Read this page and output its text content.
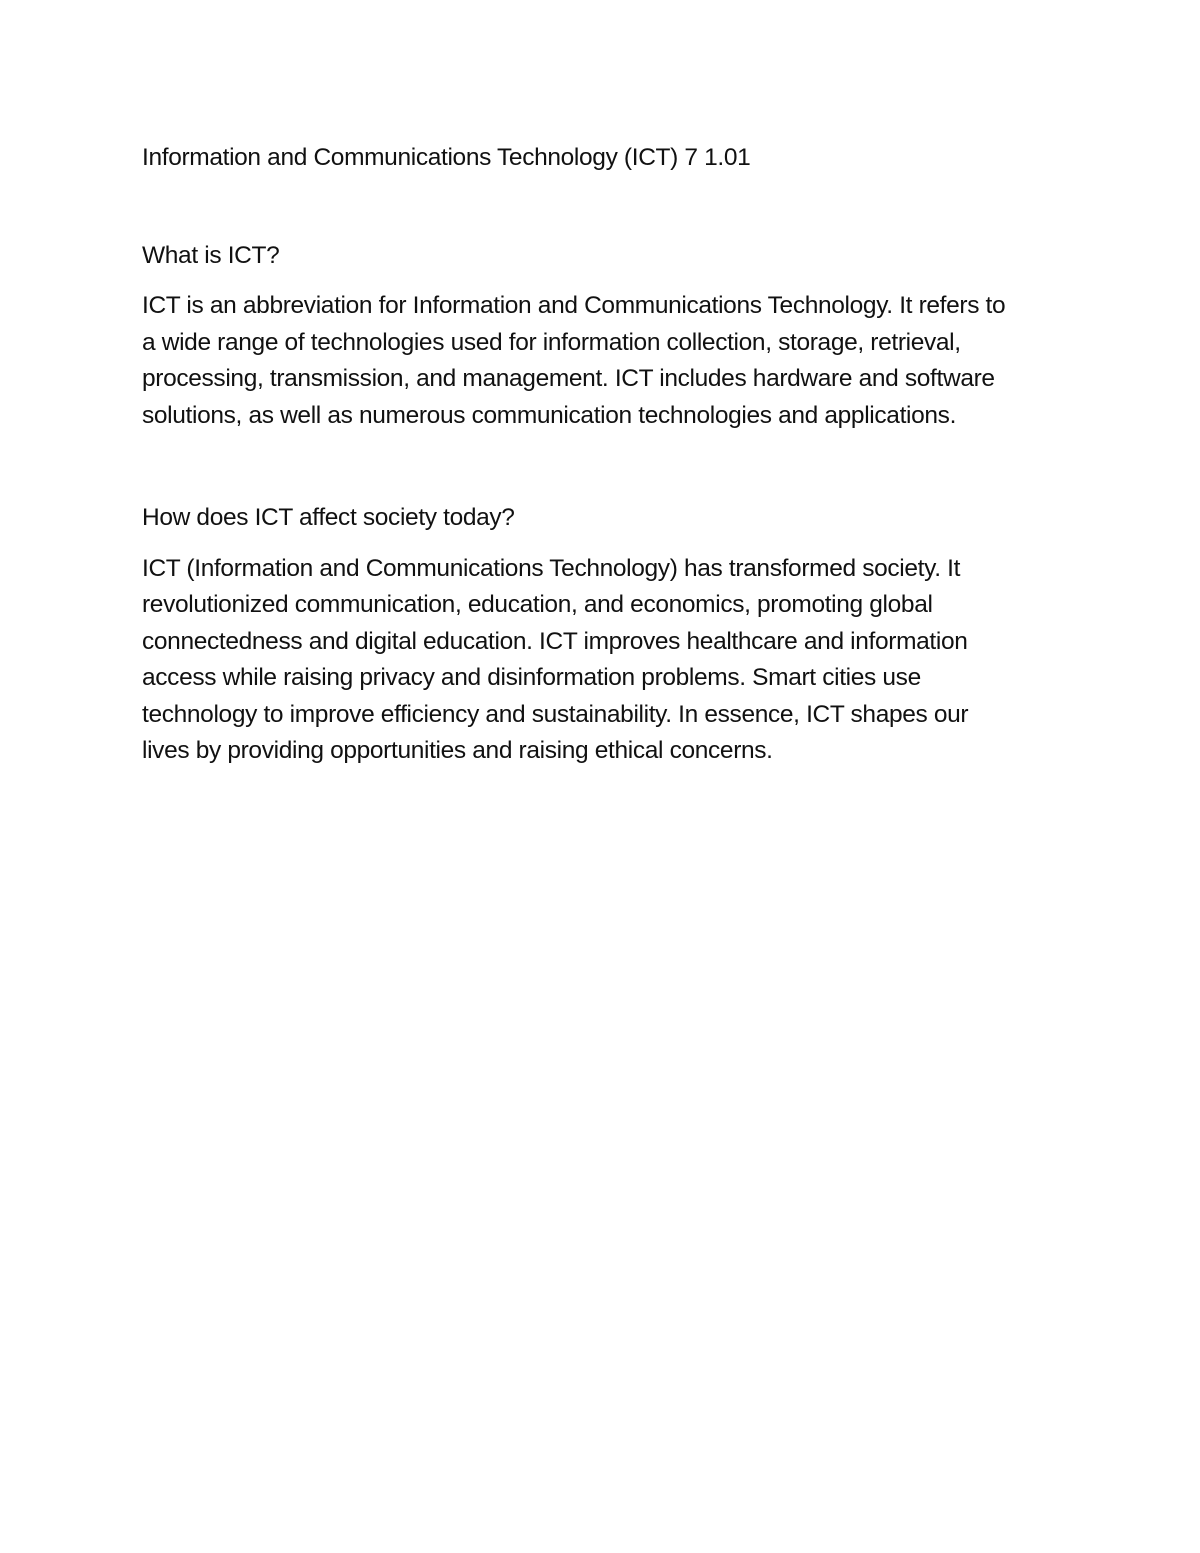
Information and Communications Technology (ICT) 7 1.01

What is ICT?

ICT is an abbreviation for Information and Communications Technology. It refers to

a wide range of technologies used for information collection, storage, retrieval,

processing, transmission, and management. ICT includes hardware and software

solutions, as well as numerous communication technologies and applications.

How does ICT affect society today?

ICT (Information and Communications Technology) has transformed society. It

revolutionized communication, education, and economics, promoting global

connectedness and digital education. ICT improves healthcare and information

access while raising privacy and disinformation problems. Smart cities use

technology to improve efficiency and sustainability. In essence, ICT shapes our

lives by providing opportunities and raising ethical concerns.
